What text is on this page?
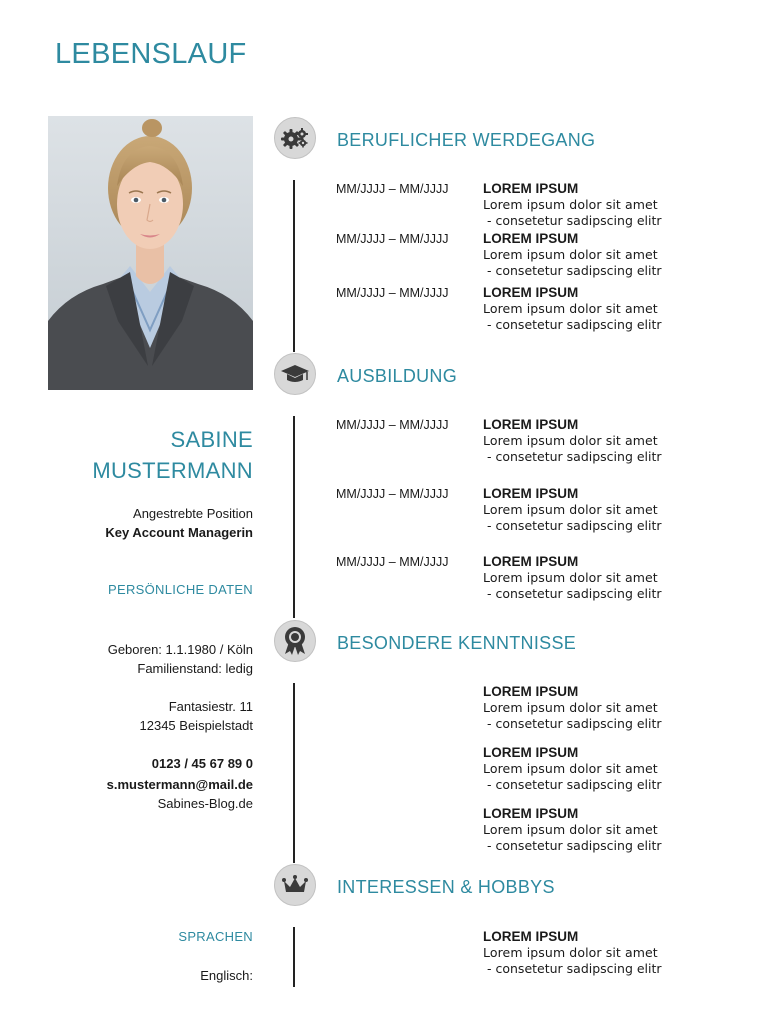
LEBENSLAUF
SABINE
MUSTERMANN
Angestrebte Position
Key Account Managerin
PERSÖNLICHE DATEN
Geboren: 1.1.1980 / Köln
Familienstand: ledig
Fantasiestr. 11
12345 Beispielstadt
0123 / 45 67 89 0
s.mustermann@mail.de
Sabines-Blog.de
SPRACHEN
Englisch:
BERUFLICHER WERDEGANG
AUSBILDUNG
BESONDERE KENNTNISSE
INTERESSEN & HOBBYS
MM/JJJJ – MM/JJJJ	LOREM IPSUM
Lorem ipsum dolor sit amet
- consetetur sadipscing elitr
MM/JJJJ – MM/JJJJ	LOREM IPSUM
Lorem ipsum dolor sit amet
- consetetur sadipscing elitr
MM/JJJJ – MM/JJJJ	LOREM IPSUM
Lorem ipsum dolor sit amet
- consetetur sadipscing elitr
MM/JJJJ – MM/JJJJ	LOREM IPSUM
Lorem ipsum dolor sit amet
- consetetur sadipscing elitr
MM/JJJJ – MM/JJJJ	LOREM IPSUM
Lorem ipsum dolor sit amet
- consetetur sadipscing elitr
MM/JJJJ – MM/JJJJ	LOREM IPSUM
Lorem ipsum dolor sit amet
- consetetur sadipscing elitr
LOREM IPSUM
Lorem ipsum dolor sit amet
- consetetur sadipscing elitr
LOREM IPSUM
Lorem ipsum dolor sit amet
- consetetur sadipscing elitr
LOREM IPSUM
Lorem ipsum dolor sit amet
- consetetur sadipscing elitr
LOREM IPSUM
Lorem ipsum dolor sit amet
- consetetur sadipscing elitr
